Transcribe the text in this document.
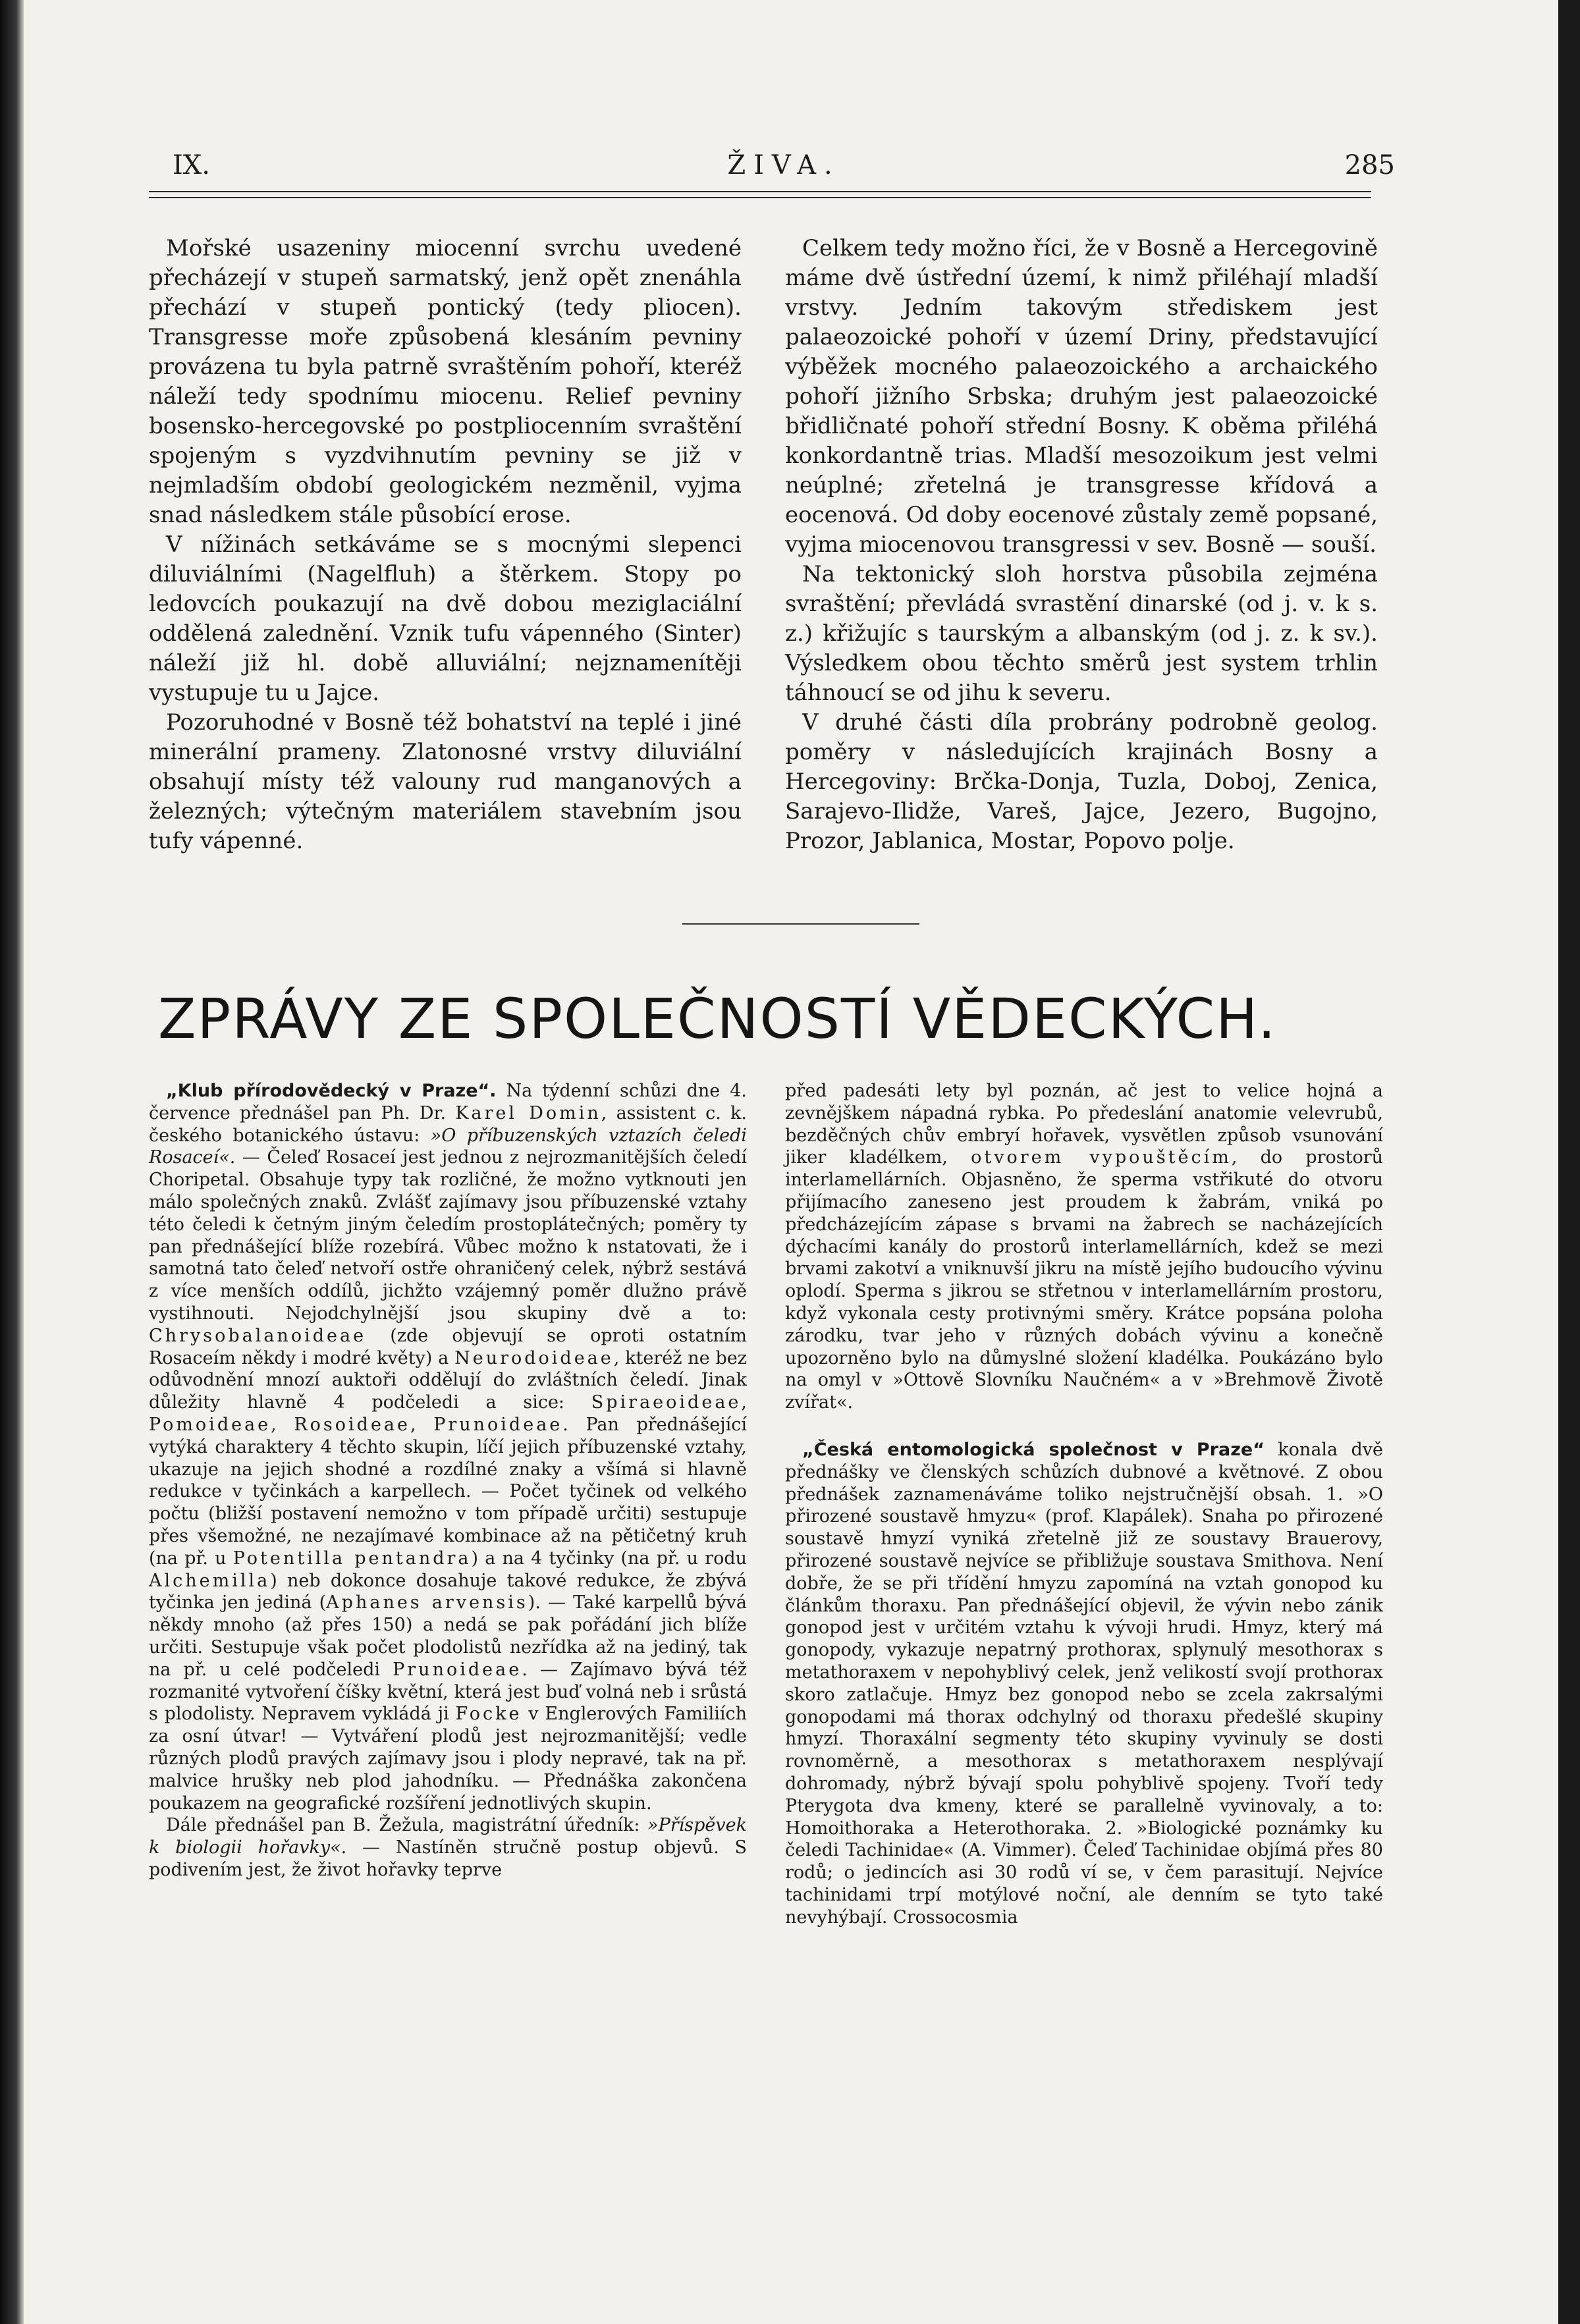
IX.	ŽIVA.	285

Mořské usazeniny miocenní svrchu uvedené přecházejí v stupeň sarmatský, jenž opět znenáhla přechází v stupeň pontický (tedy pliocen). Transgresse moře způsobená klesáním pevniny provázena tu byla patrně svraštěním pohoří, kteréž náleží tedy spodnímu miocenu. Relief pevniny bosensko-hercegovské po postpliocenním svraštění spojeným s vyzdvihnutím pevniny se již v nejmladším období geologickém nezměnil, vyjma snad následkem stále působící erose.

V nížinách setkáváme se s mocnými slepenci diluviálními (Nagelfluh) a štěrkem. Stopy po ledovcích poukazují na dvě dobou meziglaciální oddělená zalednění. Vznik tufu vápenného (Sinter) náleží již hl. době alluviální; nejznamenítěji vystupuje tu u Jajce.

Pozoruhodné v Bosně též bohatství na teplé i jiné minerální prameny. Zlatonosné vrstvy diluviální obsahují místy též valouny rud manganových a železných; výtečným materiálem stavebním jsou tufy vápenné.

Celkem tedy možno říci, že v Bosně a Hercegovině máme dvě ústřední území, k nimž přiléhají mladší vrstvy. Jedním takovým střediskem jest palaeozoické pohoří v území Driny, představující výběžek mocného palaeozoického a archaického pohoří jižního Srbska; druhým jest palaeozoické břidličnaté pohoří střední Bosny. K oběma přiléhá konkordantně trias. Mladší mesozoikum jest velmi neúplné; zřetelná je transgresse křídová a eocenová. Od doby eocenové zůstaly země popsané, vyjma miocenovou transgressi v sev. Bosně — souší.

Na tektonický sloh horstva působila zejména svraštění; převládá svrastění dinarské (od j. v. k s. z.) křižujíc s taurským a albanským (od j. z. k sv.). Výsledkem obou těchto směrů jest system trhlin táhnoucí se od jihu k severu.

V druhé části díla probrány podrobně geolog. poměry v následujících krajinách Bosny a Hercegoviny: Brčka-Donja, Tuzla, Doboj, Zenica, Sarajevo-Ilidže, Vareš, Jajce, Jezero, Bugojno, Prozor, Jablanica, Mostar, Popovo polje.

ZPRÁVY ZE SPOLEČNOSTÍ VĚDECKÝCH.

„Klub přírodovědecký v Praze“. Na týdenní schůzi dne 4. července přednášel pan Ph. Dr. Karel Domin, assistent c. k. českého botanického ústavu: »O příbuzenských vztazích čeledi Rosaceí«. — Čeleď Rosaceí jest jednou z nejrozmanitějších čeledí Choripetal. Obsahuje typy tak rozličné, že možno vytknouti jen málo společných znaků. Zvlášť zajímavy jsou příbuzenské vztahy této čeledi k četným jiným čeledím prostoplátečných; poměry ty pan přednášející blíže rozebírá. Vůbec možno k nstatovati, že i samotná tato čeleď netvoří ostře ohraničený celek, nýbrž sestává z více menších oddílů, jichžto vzájemný poměr dlužno právě vystihnouti. Nejodchylnější jsou skupiny dvě a to: Chrysobalanoideae (zde objevují se oproti ostatním Rosaceím někdy i modré květy) a Neurodoideae, kteréž ne bez odůvodnění mnozí auktoři oddělují do zvláštních čeledí. Jinak důležity hlavně 4 podčeledi a sice: Spiraeoideae, Pomoideae, Rosoideae, Prunoideae. Pan přednášející vytýká charaktery 4 těchto skupin, líčí jejich příbuzenské vztahy, ukazuje na jejich shodné a rozdílné znaky a všímá si hlavně redukce v tyčinkách a karpellech. — Počet tyčinek od velkého počtu (bližší postavení nemožno v tom případě určiti) sestupuje přes všemožné, ne nezajímavé kombinace až na pětičetný kruh (na př. u Potentilla pentandra) a na 4 tyčinky (na př. u rodu Alchemilla) neb dokonce dosahuje takové redukce, že zbývá tyčinka jen jediná (Aphanes arvensis). — Také karpellů bývá někdy mnoho (až přes 150) a nedá se pak pořádání jich blíže určiti. Sestupuje však počet plodolistů nezřídka až na jediný, tak na př. u celé podčeledi Prunoideae. — Zajímavo bývá též rozmanité vytvoření číšky květní, která jest buď volná neb i srůstá s plodolisty. Nepravem vykládá ji Focke v Englerových Familiích za osní útvar! — Vytváření plodů jest nejrozmanitější; vedle různých plodů pravých zajímavy jsou i plody nepravé, tak na př. malvice hrušky neb plod jahodníku. — Přednáška zakončena poukazem na geografické rozšíření jednotlivých skupin.

Dále přednášel pan B. Žežula, magistrátní úředník: »Příspěvek k biologii hořavky«. — Nastíněn stručně postup objevů. S podivením jest, že život hořavky teprve

před padesáti lety byl poznán, ač jest to velice hojná a zevnějškem nápadná rybka. Po předeslání anatomie velevrubů, bezděčných chův embryí hořavek, vysvětlen způsob vsunování jiker kladélkem, otvorem vypouštěcím, do prostorů interlamellárních. Objasněno, že sperma vstřikuté do otvoru přijímacího zaneseno jest proudem k žabrám, vniká po předcházejícím zápase s brvami na žabrech se nacházejících dýchacími kanály do prostorů interlamellárních, kdež se mezi brvami zakotví a vniknuvší jikru na místě jejího budoucího vývinu oplodí. Sperma s jikrou se střetnou v interlamellárním prostoru, když vykonala cesty protivnými směry. Krátce popsána poloha zárodku, tvar jeho v různých dobách vývinu a konečně upozorněno bylo na důmyslné složení kladélka. Poukázáno bylo na omyl v »Ottově Slovníku Naučném« a v »Brehmově Životě zvířat«.

„Česká entomologická společnost v Praze“ konala dvě přednášky ve členských schůzích dubnové a květnové. Z obou přednášek zaznamenáváme toliko nejstručnější obsah. 1. »O přirozené soustavě hmyzu« (prof. Klapálek). Snaha po přirozené soustavě hmyzí vyniká zřetelně již ze soustavy Brauerovy, přirozené soustavě nejvíce se přibližuje soustava Smithova. Není dobře, že se při třídění hmyzu zapomíná na vztah gonopod ku článkům thoraxu. Pan přednášející objevil, že vývin nebo zánik gonopod jest v určitém vztahu k vývoji hrudi. Hmyz, který má gonopody, vykazuje nepatrný prothorax, splynulý mesothorax s metathoraxem v nepohyblivý celek, jenž velikostí svojí prothorax skoro zatlačuje. Hmyz bez gonopod nebo se zcela zakrsalými gonopodami má thorax odchylný od thoraxu předešlé skupiny hmyzí. Thoraxální segmenty této skupiny vyvinuly se dosti rovnoměrně, a mesothorax s metathoraxem nesplývají dohromady, nýbrž bývají spolu pohyblivě spojeny. Tvoří tedy Pterygota dva kmeny, které se parallelně vyvinovaly, a to: Homoithoraka a Heterothoraka. 2. »Biologické poznámky ku čeledi Tachinidae« (A. Vimmer). Čeleď Tachinidae objímá přes 80 rodů; o jedincích asi 30 rodů ví se, v čem parasitují. Nejvíce tachinidami trpí motýlové noční, ale denním se tyto také nevyhýbají. Crossocosmia
